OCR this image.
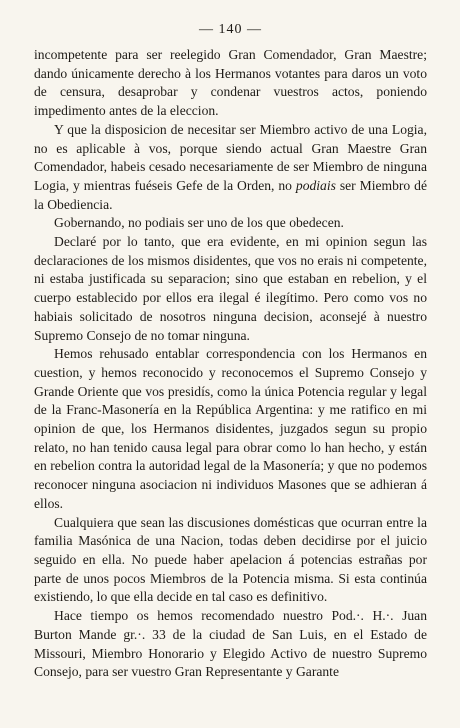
— 140 —

incompetente para ser reelegido Gran Comendador, Gran Maestre; dando únicamente derecho à los Hermanos votantes para daros un voto de censura, desaprobar y condenar vuestros actos, poniendo impedimento antes de la eleccion.

Y que la disposicion de necesitar ser Miembro activo de una Logia, no es aplicable à vos, porque siendo actual Gran Maestre Gran Comendador, habeis cesado necesariamente de ser Miembro de ninguna Logia, y mientras fuéseis Gefe de la Orden, no podiais ser Miembro dé la Obediencia.

Gobernando, no podiais ser uno de los que obedecen.

Declaré por lo tanto, que era evidente, en mi opinion segun las declaraciones de los mismos disidentes, que vos no erais ni competente, ni estaba justificada su separacion; sino que estaban en rebelion, y el cuerpo establecido por ellos era ilegal é ilegítimo. Pero como vos no habiais solicitado de nosotros ninguna decision, aconsejé à nuestro Supremo Consejo de no tomar ninguna.

Hemos rehusado entablar correspondencia con los Hermanos en cuestion, y hemos reconocido y reconocemos el Supremo Consejo y Grande Oriente que vos presidís, como la única Potencia regular y legal de la Franc-Masonería en la República Argentina: y me ratifico en mi opinion de que, los Hermanos disidentes, juzgados segun su propio relato, no han tenido causa legal para obrar como lo han hecho, y están en rebelion contra la autoridad legal de la Masonería; y que no podemos reconocer ninguna asociacion ni individuos Masones que se adhieran á ellos.

Cualquiera que sean las discusiones domésticas que ocurran entre la familia Masónica de una Nacion, todas deben decidirse por el juicio seguido en ella. No puede haber apelacion á potencias estrañas por parte de unos pocos Miembros de la Potencia misma. Si esta continúa existiendo, lo que ella decide en tal caso es definitivo.

Hace tiempo os hemos recomendado nuestro Pod.·. H.·. Juan Burton Mande gr.·. 33 de la ciudad de San Luis, en el Estado de Missouri, Miembro Honorario y Elegido Activo de nuestro Supremo Consejo, para ser vuestro Gran Representante y Garante
